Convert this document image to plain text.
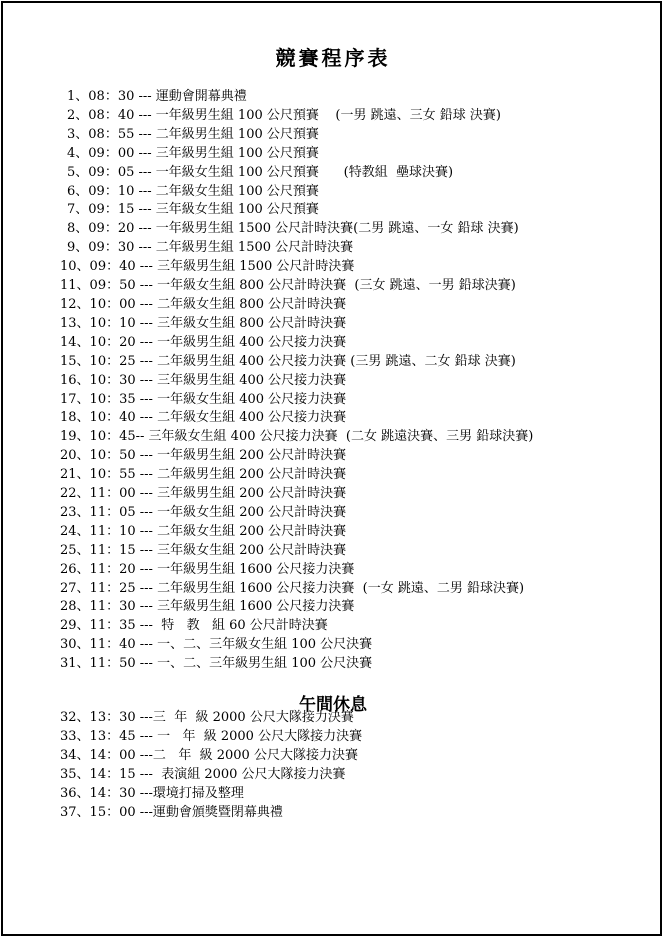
競賽程序表
1、08：30 --- 運動會開幕典禮
2、08：40 --- 一年級男生組 100 公尺預賽    (一男 跳遠、三女 鉛球 決賽)
3、08：55 --- 二年級男生組 100 公尺預賽
4、09：00 --- 三年級男生組 100 公尺預賽
5、09：05 --- 一年級女生組 100 公尺預賽      (特教組  壘球決賽)
6、09：10 --- 二年級女生組 100 公尺預賽
7、09：15 --- 三年級女生組 100 公尺預賽
8、09：20 --- 一年級男生組 1500 公尺計時決賽(二男 跳遠、一女 鉛球 決賽)
9、09：30 --- 二年級男生組 1500 公尺計時決賽
10、09：40 --- 三年級男生組 1500 公尺計時決賽
11、09：50 --- 一年級女生組 800 公尺計時決賽  (三女 跳遠、一男 鉛球決賽)
12、10：00 --- 二年級女生組 800 公尺計時決賽
13、10：10 --- 三年級女生組 800 公尺計時決賽
14、10：20 --- 一年級男生組 400 公尺接力決賽
15、10：25 --- 二年級男生組 400 公尺接力決賽 (三男 跳遠、二女 鉛球 決賽)
16、10：30 --- 三年級男生組 400 公尺接力決賽
17、10：35 --- 一年級女生組 400 公尺接力決賽
18、10：40 --- 二年級女生組 400 公尺接力決賽
19、10：45-- 三年級女生組 400 公尺接力決賽  (二女 跳遠決賽、三男 鉛球決賽)
20、10：50 --- 一年級男生組 200 公尺計時決賽
21、10：55 --- 二年級男生組 200 公尺計時決賽
22、11：00 --- 三年級男生組 200 公尺計時決賽
23、11：05 --- 一年級女生組 200 公尺計時決賽
24、11：10 --- 二年級女生組 200 公尺計時決賽
25、11：15 --- 三年級女生組 200 公尺計時決賽
26、11：20 --- 一年級男生組 1600 公尺接力決賽
27、11：25 --- 二年級男生組 1600 公尺接力決賽  (一女 跳遠、二男 鉛球決賽)
28、11：30 --- 三年級男生組 1600 公尺接力決賽
29、11：35 ---  特   教   組 60 公尺計時決賽
30、11：40 --- 一、二、三年級女生組 100 公尺決賽
31、11：50 --- 一、二、三年級男生組 100 公尺決賽
午間休息
32、13：30 ---三  年  級 2000 公尺大隊接力決賽
33、13：45 --- 一   年  級 2000 公尺大隊接力決賽
34、14：00 ---二   年  級 2000 公尺大隊接力決賽
35、14：15 ---  表演組 2000 公尺大隊接力決賽
36、14：30 ---環境打掃及整理
37、15：00 ---運動會頒獎暨閉幕典禮
